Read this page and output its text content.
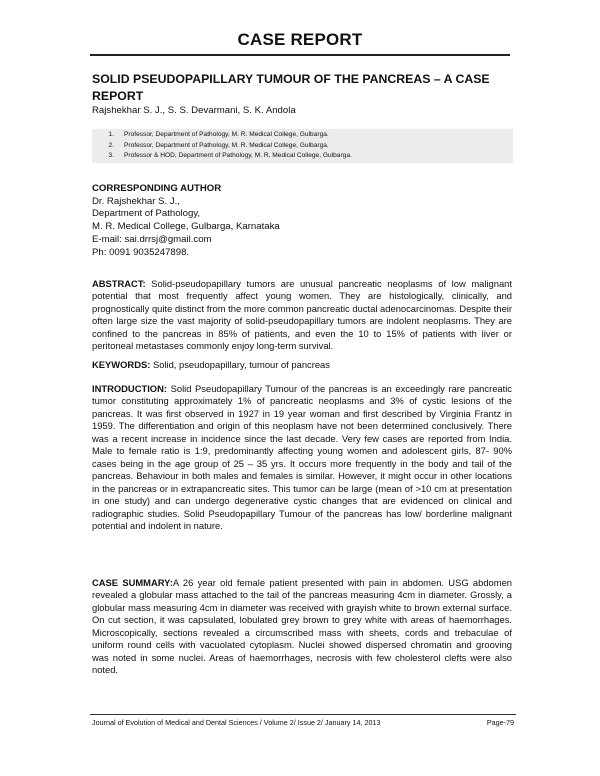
CASE REPORT
SOLID PSEUDOPAPILLARY TUMOUR OF THE PANCREAS – A CASE REPORT
Rajshekhar S. J., S. S. Devarmani, S. K. Andola
1.	Professor, Department of Pathology, M. R. Medical College, Gulbarga.
2.	Professor, Department of Pathology, M. R. Medical College, Gulbarga.
3.	Professor & HOD, Department of Pathology, M. R. Medical College, Gulbarga.
CORRESPONDING AUTHOR
Dr. Rajshekhar S. J.,
Department of Pathology,
M. R. Medical College, Gulbarga, Karnataka
E-mail: sai.drrsj@gmail.com
Ph: 0091 9035247898.
ABSTRACT: Solid-pseudopapillary tumors are unusual pancreatic neoplasms of low malignant potential that most frequently affect young women. They are histologically, clinically, and prognostically quite distinct from the more common pancreatic ductal adenocarcinomas. Despite their often large size the vast majority of solid-pseudopapillary tumors are indolent neoplasms. They are confined to the pancreas in 85% of patients, and even the 10 to 15% of patients with liver or peritoneal metastases commonly enjoy long-term survival.
KEYWORDS: Solid, pseudopapillary, tumour of pancreas
INTRODUCTION: Solid Pseudopapillary Tumour of the pancreas is an exceedingly rare pancreatic tumor constituting approximately 1% of pancreatic neoplasms and 3% of cystic lesions of the pancreas. It was first observed in 1927 in 19 year woman and first described by Virginia Frantz in 1959. The differentiation and origin of this neoplasm have not been determined conclusively. There was a recent increase in incidence since the last decade. Very few cases are reported from India. Male to female ratio is 1:9, predominantly affecting young women and adolescent girls, 87- 90% cases being in the age group of 25 – 35 yrs. It occurs more frequently in the body and tail of the pancreas. Behaviour in both males and females is similar. However, it might occur in other locations in the pancreas or in extrapancreatic sites. This tumor can be large (mean of >10 cm at presentation in one study) and can undergo degenerative cystic changes that are evidenced on clinical and radiographic studies. Solid Pseudopapillary Tumour of the pancreas has low/ borderline malignant potential and indolent in nature.
CASE SUMMARY:A 26 year old female patient presented with pain in abdomen. USG abdomen revealed a globular mass attached to the tail of the pancreas measuring 4cm in diameter. Grossly, a globular mass measuring 4cm in diameter was received with grayish white to brown external surface. On cut section, it was capsulated, lobulated grey brown to grey white with areas of haemorrhages. Microscopically, sections revealed a circumscribed mass with sheets, cords and trebaculae of uniform round cells with vacuolated cytoplasm. Nuclei showed dispersed chromatin and grooving was noted in some nuclei. Areas of haemorrhages, necrosis with few cholesterol clefts were also noted.
Journal of Evolution of Medical and Dental Sciences / Volume 2/ Issue 2/ January 14, 2013	Page-79
